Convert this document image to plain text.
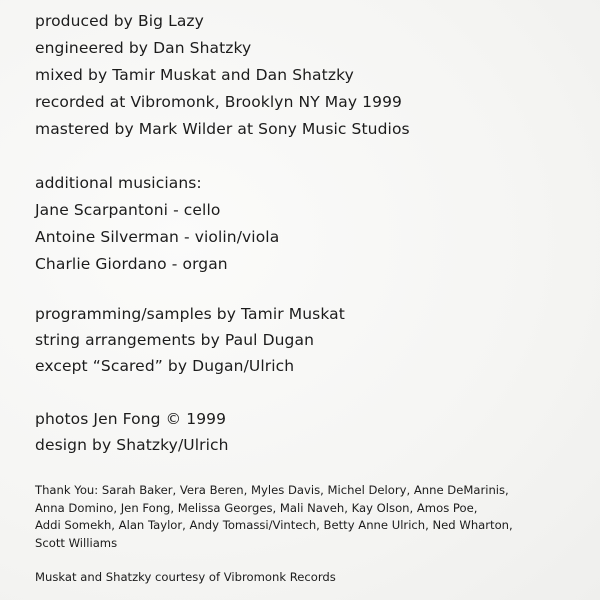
produced by Big Lazy
engineered by Dan Shatzky
mixed by Tamir Muskat and Dan Shatzky
recorded at Vibromonk, Brooklyn NY May 1999
mastered by Mark Wilder at Sony Music Studios
additional musicians:
Jane Scarpantoni - cello
Antoine Silverman - violin/viola
Charlie Giordano - organ
programming/samples by Tamir Muskat
string arrangements by Paul Dugan
except “Scared” by Dugan/Ulrich
photos Jen Fong © 1999
design by Shatzky/Ulrich
Thank You: Sarah Baker, Vera Beren, Myles Davis, Michel Delory, Anne DeMarinis,
Anna Domino, Jen Fong, Melissa Georges, Mali Naveh, Kay Olson, Amos Poe,
Addi Somekh, Alan Taylor, Andy Tomassi/Vintech, Betty Anne Ulrich, Ned Wharton,
Scott Williams
Muskat and Shatzky courtesy of Vibromonk Records
